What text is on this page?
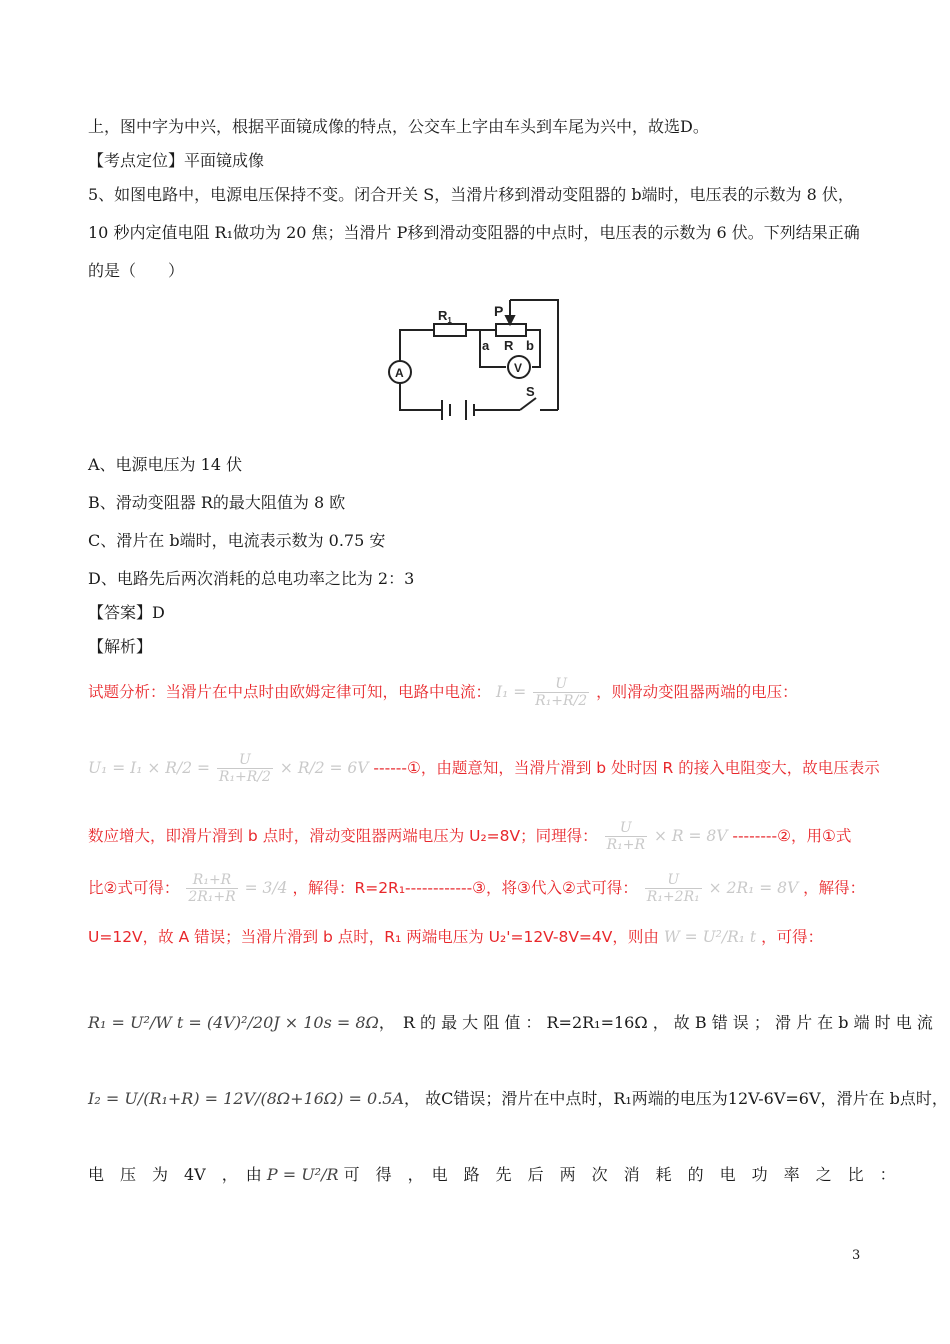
上，图中字为中兴，根据平面镜成像的特点，公交车上字由车头到车尾为兴中，故选D。
【考点定位】平面镜成像
5、如图电路中，电源电压保持不变。闭合开关 S，当滑片移到滑动变阻器的 b端时，电压表的示数为 8 伏，
10 秒内定值电阻 R₁做功为 20 焦；当滑片 P移到滑动变阻器的中点时，电压表的示数为 6 伏。下列结果正确
的是（　　）
$R_1$
P
a R b
A	V
S
A、电源电压为 14 伏
B、滑动变阻器 R的最大阻值为 8 欧
C、滑片在 b端时，电流表示数为 0.75 安
D、电路先后两次消耗的总电功率之比为 2：3
【答案】D
【解析】
试题分析：当滑片在中点时由欧姆定律可知，电路中电流： $I_1 = \frac{U}{\text{R₁+R/2}}$ ，则滑动变阻器两端的电压：
$U_1 = I_1 \times R/2 = \frac{U}{\text{R₁+R/2}} \times R/2 = 6V$ ------①，由题意知，当滑片滑到 b 处时因 R 的接入电阻变大，故电压表示
数应增大，即滑片滑到 b 点时，滑动变阻器两端电压为 U₂=8V；同理得： $\frac{U}{\text{R₁+R}} \times R = 8V$ --------②，用①式
比②式可得： $\frac{\text{R₁+R}}{\text{2R₁+R}} = 3/4$ ，解得：R=2R₁------------③，将③代入②式可得： $\frac{U}{\text{R₁+2R₁}} \times 2R_1 = 8V$ ，解得：
U=12V，故 A 错误；当滑片滑到 b 点时，R₁ 两端电压为 U₂'=12V-8V=4V，则由 W = U²/R₁ t ，可得：
R₁ = U²/W t = (4V)²/20J × 10s = 8Ω，　R 的 最 大 阻 值 ： R=2R₁=16Ω ， 故 B 错 误 ； 滑 片 在 b 端 时 电 流
I₂ = U/(R₁+R) = 12V/(8Ω+16Ω) = 0.5A， 故C错误；滑片在中点时，R₁两端的电压为12V-6V=6V，滑片在 b点时，
电　压　为　4V　，　由 P = U²/R 可　得　，　电　路　先　后　两　次　消　耗　的　电　功　率　之　比　：
3
